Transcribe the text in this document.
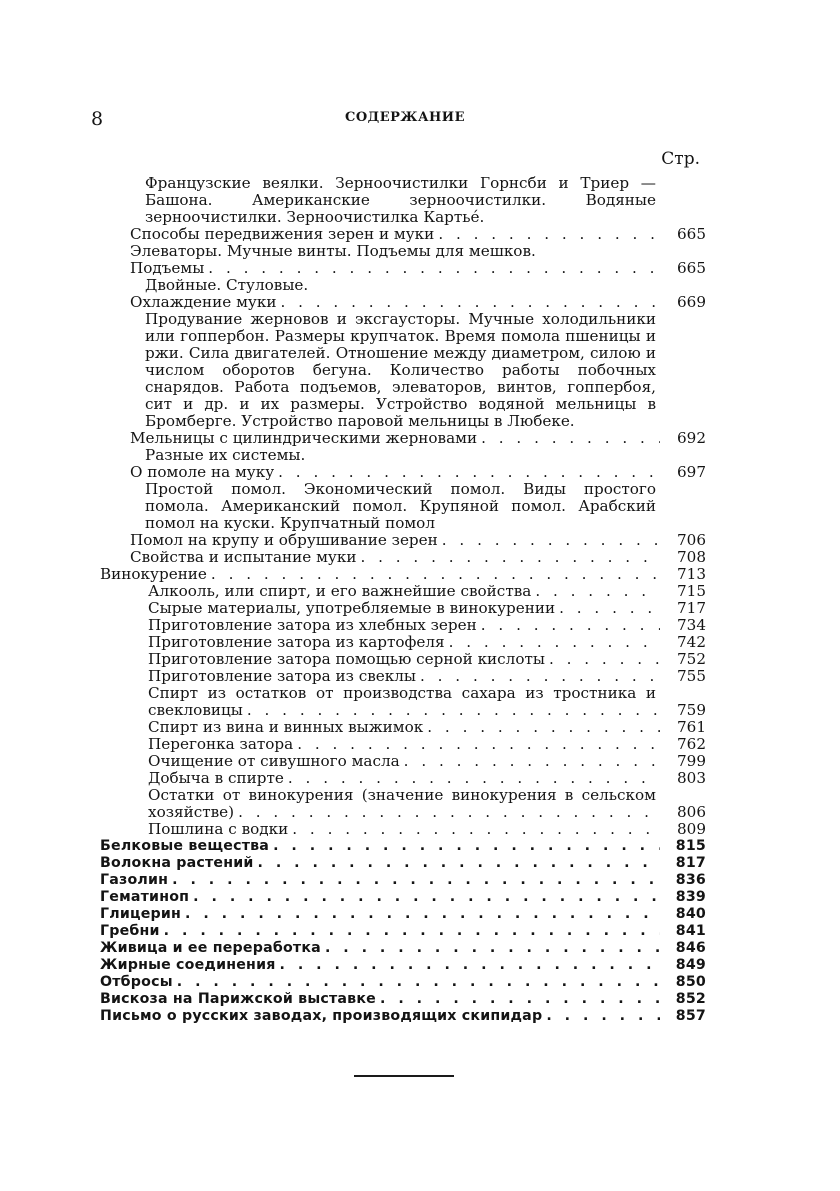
8	СОДЕРЖАНИЕ
Стр.
Французские веялки. Зерноочистилки Горнсби и Триер — Башона. Американские зерноочистилки. Водяные зерноочистилки. Зерноочистилка Картьé.
Способы передвижения зерен и муки . . .	665
Элеваторы. Мучные винты. Подъемы для мешков.
Подъемы . . .	665
Двойные. Стуловые.
Охлаждение муки . . .	669
Продувание жерновов и эксгаусторы. Мучные холодильники или гоппербон. Размеры крупчаток. Время помола пшеницы и ржи. Сила двигателей. Отношение между диаметром, силою и числом оборотов бегуна. Количество работы побочных снарядов. Работа подъемов, элеваторов, винтов, гоппербоя, сит и др. и их размеры. Устройство водяной мельницы в Бромберге. Устройство паровой мельницы в Любеке.
Мельницы с цилиндрическими жерновами . . .	692
Разные их системы.
О помоле на муку . . .	697
Простой помол. Экономический помол. Виды простого помола. Американский помол. Крупяной помол. Арабский помол на куски. Крупчатный помол
Помол на крупу и обрушивание зерен . . .	706
Свойства и испытание муки . . .	708
Винокурение . . .	713
Алкооль, или спирт, и его важнейшие свойства . . .	715
Сырые материалы, употребляемые в винокурении . . .	717
Приготовление затора из хлебных зерен . . .	734
Приготовление затора из картофеля . . .	742
Приготовление затора помощью серной кислоты . . .	752
Приготовление затора из свеклы . . .	755
Спирт из остатков от производства сахара из тростника и
свекловицы . . .	759
Спирт из вина и винных выжимок . . .	761
Перегонка затора . . .	762
Очищение от сивушного масла . . .	799
Добыча в спирте . . .	803
Остатки от винокурения (значение винокурения в сельском
хозяйстве) . . .	806
Пошлина с водки . . .	809
Белковые вещества . . .	815
Волокна растений . . .	817
Газолин . . .	836
Гематиноп . . .	839
Глицерин . . .	840
Гребни . . .	841
Живица и ее переработка . . .	846
Жирные соединения . . .	849
Отбросы . . .	850
Вискоза на Парижской выставке . . .	852
Письмо о русских заводах, производящих скипидар . . .	857
